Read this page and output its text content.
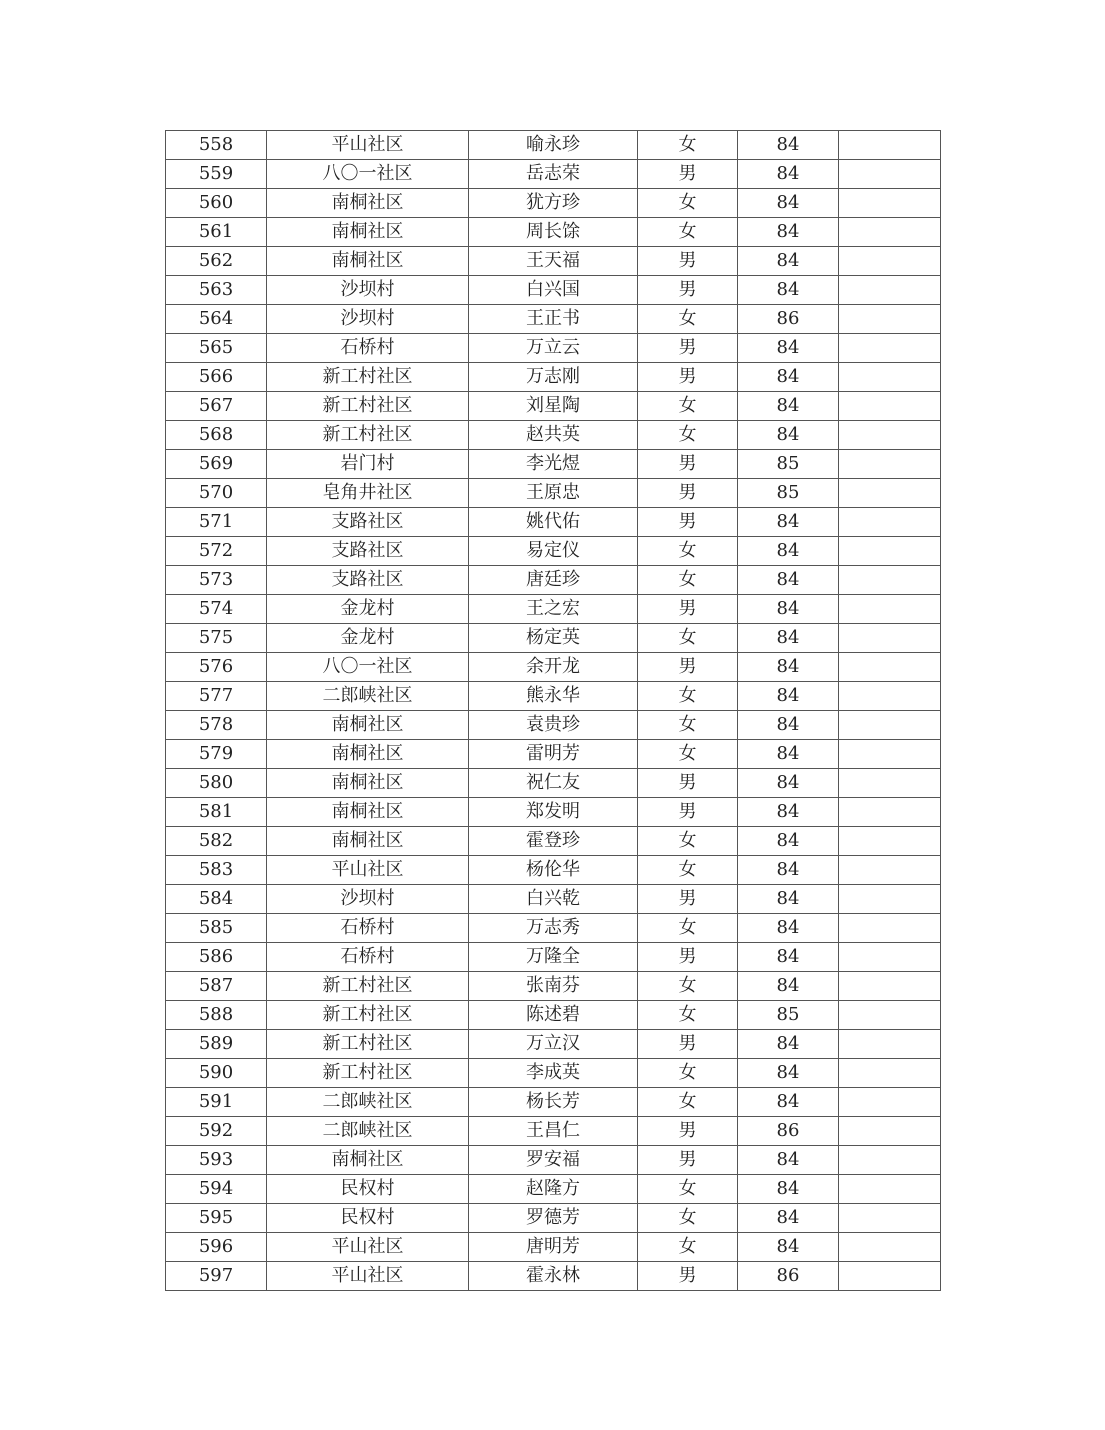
558	平山社区	喻永珍	女	84	
559	八〇一社区	岳志荣	男	84	
560	南桐社区	犹方珍	女	84	
561	南桐社区	周长馀	女	84	
562	南桐社区	王天福	男	84	
563	沙坝村	白兴国	男	84	
564	沙坝村	王正书	女	86	
565	石桥村	万立云	男	84	
566	新工村社区	万志刚	男	84	
567	新工村社区	刘星陶	女	84	
568	新工村社区	赵共英	女	84	
569	岩门村	李光煜	男	85	
570	皂角井社区	王原忠	男	85	
571	支路社区	姚代佑	男	84	
572	支路社区	易定仪	女	84	
573	支路社区	唐廷珍	女	84	
574	金龙村	王之宏	男	84	
575	金龙村	杨定英	女	84	
576	八〇一社区	余开龙	男	84	
577	二郎峡社区	熊永华	女	84	
578	南桐社区	袁贵珍	女	84	
579	南桐社区	雷明芳	女	84	
580	南桐社区	祝仁友	男	84	
581	南桐社区	郑发明	男	84	
582	南桐社区	霍登珍	女	84	
583	平山社区	杨伦华	女	84	
584	沙坝村	白兴乾	男	84	
585	石桥村	万志秀	女	84	
586	石桥村	万隆全	男	84	
587	新工村社区	张南芬	女	84	
588	新工村社区	陈述碧	女	85	
589	新工村社区	万立汉	男	84	
590	新工村社区	李成英	女	84	
591	二郎峡社区	杨长芳	女	84	
592	二郎峡社区	王昌仁	男	86	
593	南桐社区	罗安福	男	84	
594	民权村	赵隆方	女	84	
595	民权村	罗德芳	女	84	
596	平山社区	唐明芳	女	84	
597	平山社区	霍永林	男	86	
